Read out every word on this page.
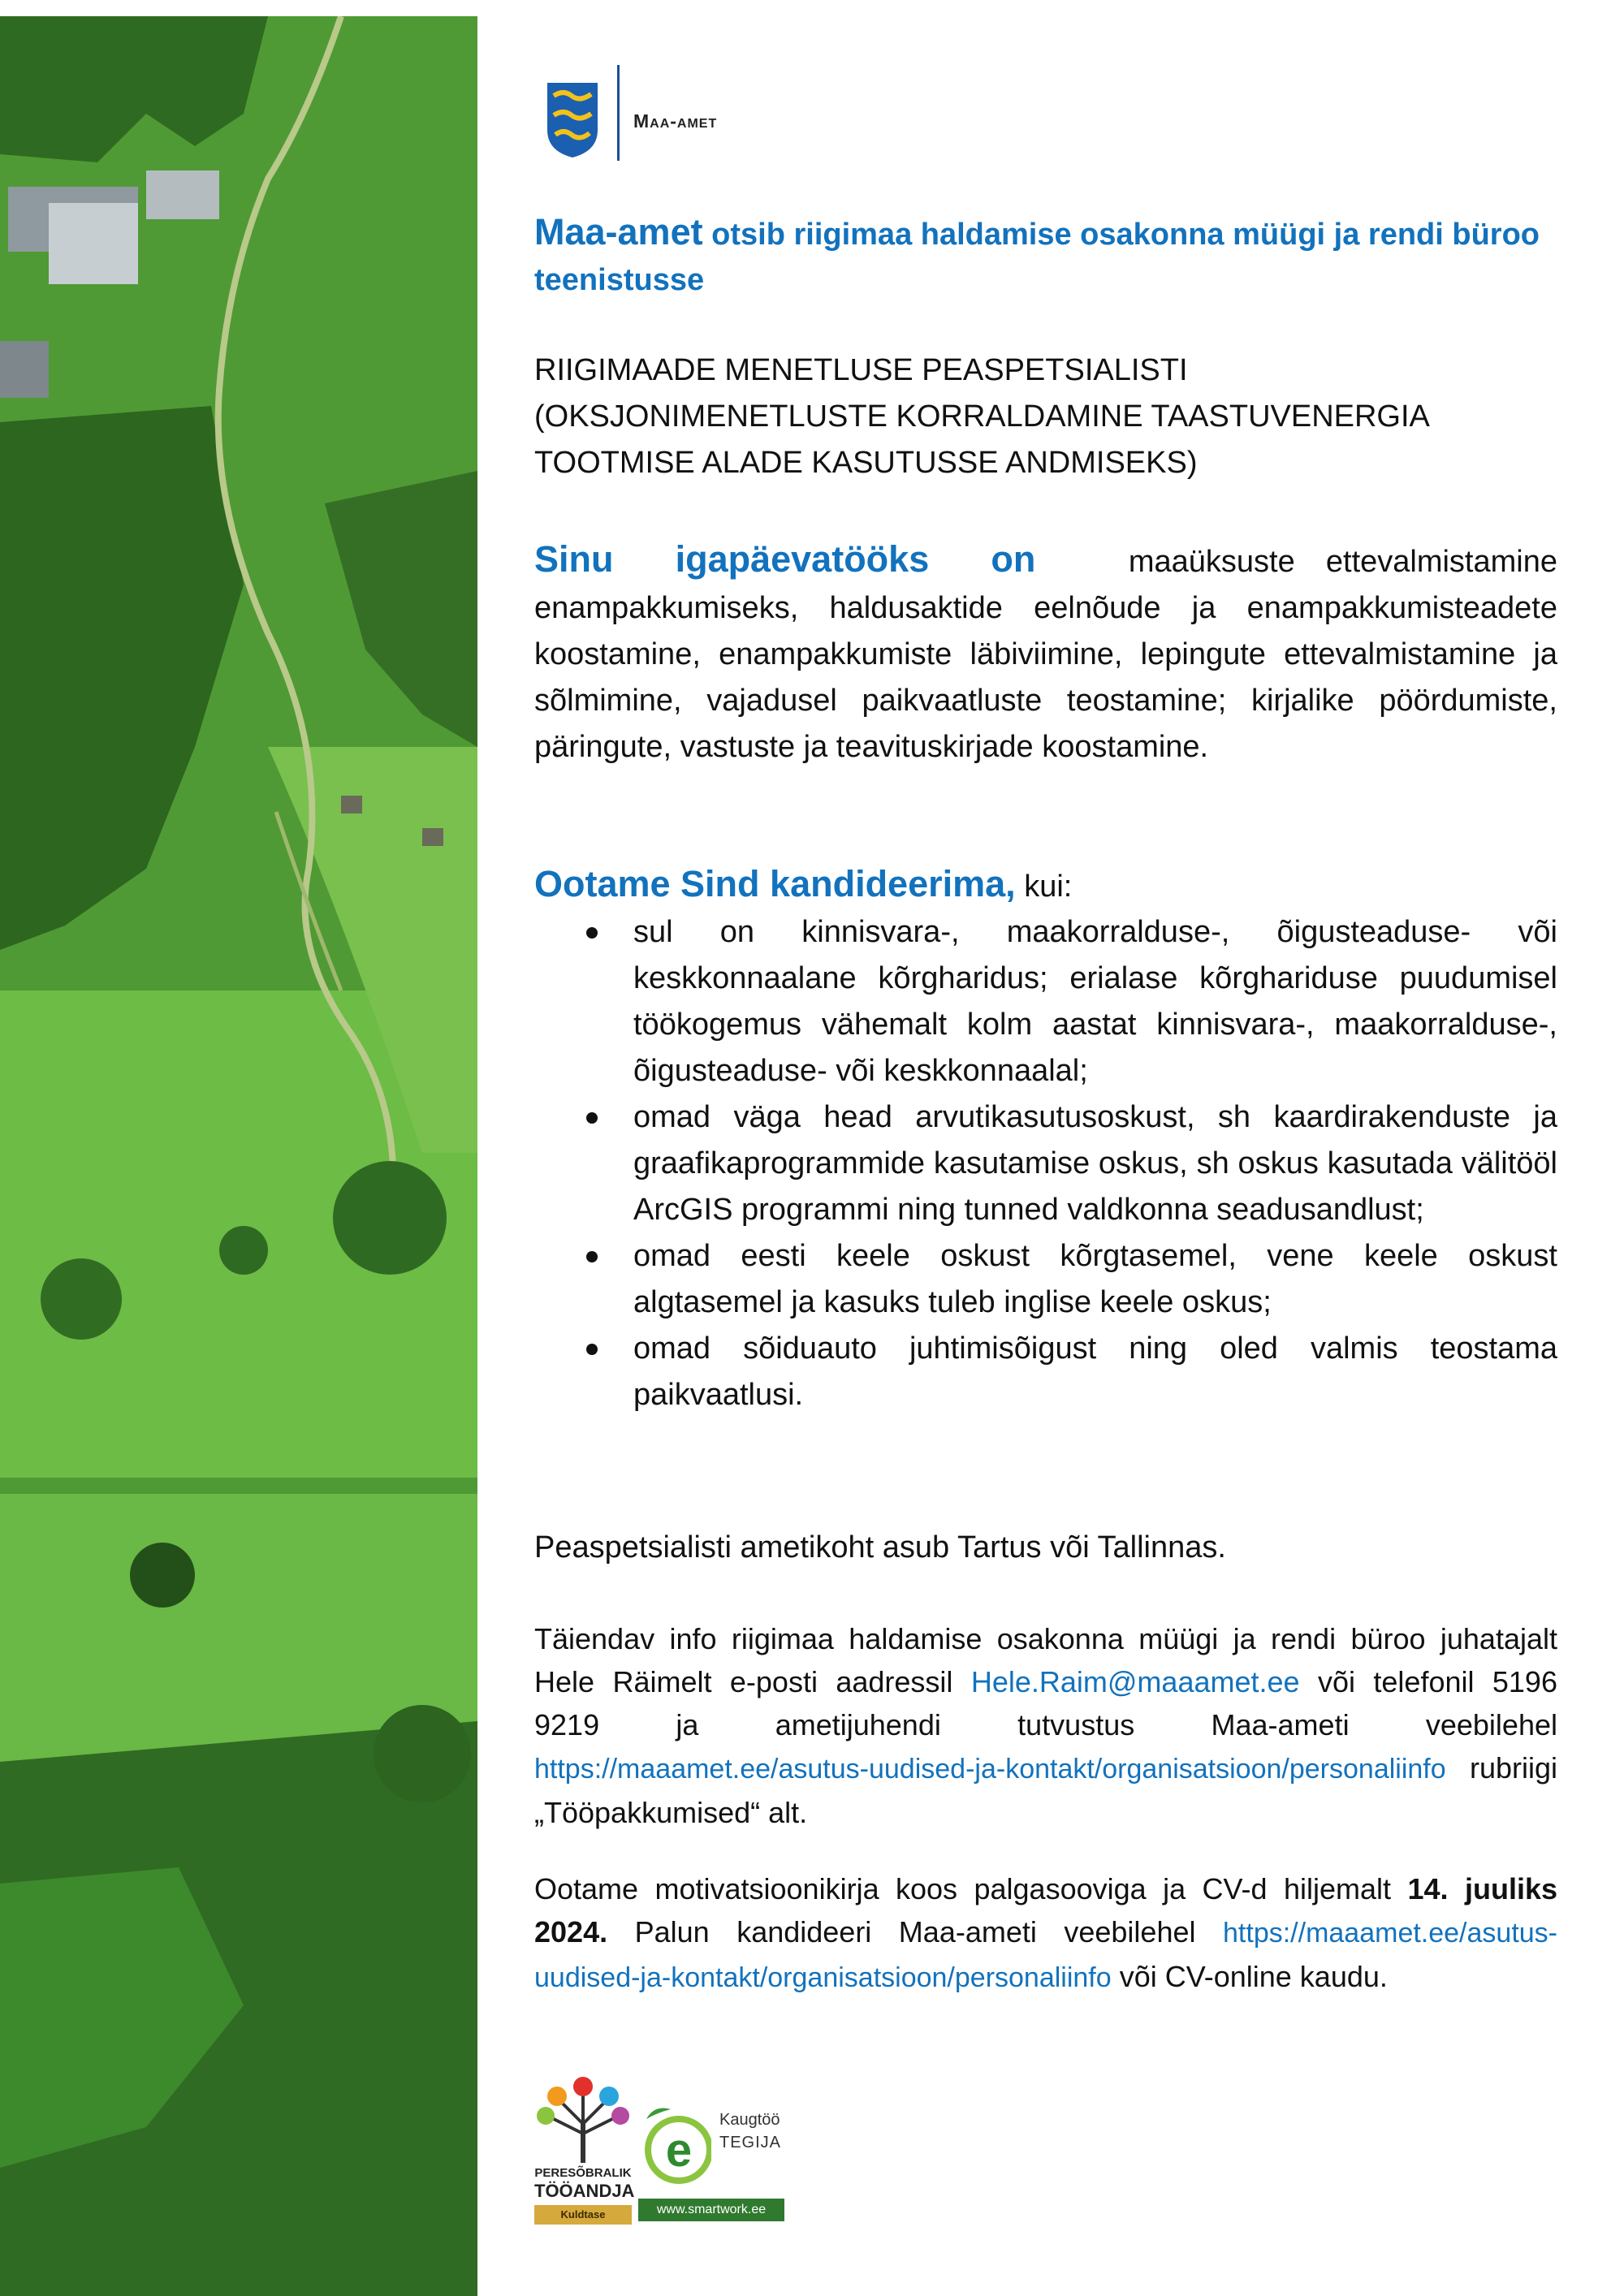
Maa-amet
Maa-amet otsib riigimaa haldamise osakonna müügi ja rendi büroo teenistusse
RIIGIMAADE MENETLUSE PEASPETSIALISTI
(OKSJONIMENETLUSTE KORRALDAMINE TAASTUVENERGIA
TOOTMISE ALADE KASUTUSSE ANDMISEKS)
Sinu igapäevatööks on	maaüksuste ettevalmistamine enampakkumiseks, haldusaktide eelnõude ja enampakkumisteadete koostamine, enampakkumiste läbiviimine, lepingute ettevalmistamine ja sõlmimine, vajadusel paikvaatluste teostamine; kirjalike pöördumiste, päringute, vastuste ja teavituskirjade koostamine.
Ootame Sind kandideerima, kui:
sul on kinnisvara-, maakorralduse-, õigusteaduse- või keskkonnaalane kõrgharidus; erialase kõrghariduse puudumisel töökogemus vähemalt kolm aastat kinnisvara-, maakorralduse-, õigusteaduse- või keskkonnaalal;
omad väga head arvutikasutusoskust, sh kaardirakenduste ja graafikaprogrammide kasutamise oskus, sh oskus kasutada välitööl ArcGIS programmi ning tunned valdkonna seadusandlust;
omad eesti keele oskust kõrgtasemel, vene keele oskust algtasemel ja kasuks tuleb inglise keele oskus;
omad sõiduauto juhtimisõigust ning oled valmis teostama paikvaatlusi.
Peaspetsialisti ametikoht asub Tartus või Tallinnas.
Täiendav info riigimaa haldamise osakonna müügi ja rendi büroo juhatajalt Hele Räimelt e-posti aadressil Hele.Raim@maaamet.ee või telefonil 5196 9219 ja ametijuhendi tutvustus Maa-ameti veebilehel https://maaamet.ee/asutus-uudised-ja-kontakt/organisatsioon/personaliinfo rubriigi „Tööpakkumised“ alt.
Ootame motivatsioonikirja koos palgasooviga ja CV-d hiljemalt 14. juuliks 2024. Palun kandideeri Maa-ameti veebilehel https://maaamet.ee/asutus-uudised-ja-kontakt/organisatsioon/personaliinfo või CV-online kaudu.
PERESÕBRALIK
TÖÖANDJA
Kuldtase
e
Kaugtöö
TEGIJA
www.smartwork.ee
